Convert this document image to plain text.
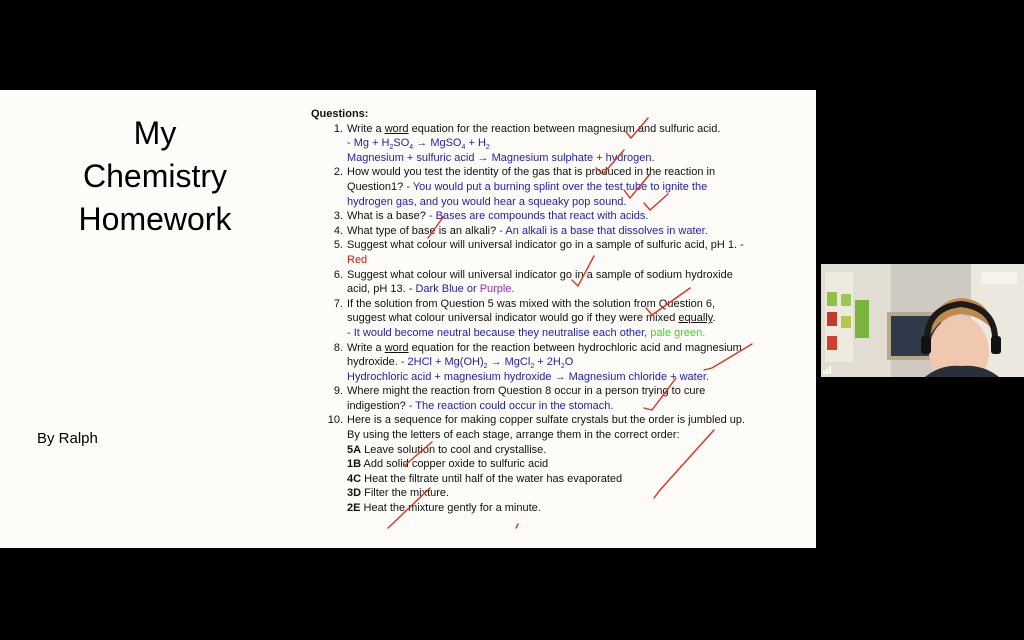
My
Chemistry
Homework
By Ralph
Questions:
1. Write a word equation for the reaction between magnesium and sulfuric acid.
- $Mg + H_2SO_4$ → MgSO$_4$ + $H_2$
Magnesium + sulfuric acid → Magnesium sulphate + hydrogen.
2. How would you test the identity of the gas that is produced in the reaction in Question1? - You would put a burning splint over the test tube to ignite the hydrogen gas, and you would hear a squeaky pop sound.
3. What is a base? - Bases are compounds that react with acids.
4. What type of base is an alkali? - An alkali is a base that dissolves in water.
5. Suggest what colour will universal indicator go in a sample of sulfuric acid, pH 1. - Red
6. Suggest what colour will universal indicator go in a sample of sodium hydroxide acid, pH 13. - Dark Blue or Purple.
7. If the solution from Question 5 was mixed with the solution from Question 6, suggest what colour universal indicator would go if they were mixed equally.
- It would become neutral because they neutralise each other, pale green.
8. Write a word equation for the reaction between hydrochloric acid and magnesium hydroxide. - $2HCl + Mg(OH)_2$ → MgCl$_2$ + $2H_2O$
Hydrochloric acid + magnesium hydroxide → Magnesium chloride + water.
9. Where might the reaction from Question 8 occur in a person trying to cure indigestion? - The reaction could occur in the stomach.
10. Here is a sequence for making copper sulfate crystals but the order is jumbled up. By using the letters of each stage, arrange them in the correct order:
5A Leave solution to cool and crystallise.
1B Add solid copper oxide to sulfuric acid
4C Heat the filtrate until half of the water has evaporated
3D Filter the mixture.
2E Heat the mixture gently for a minute.
